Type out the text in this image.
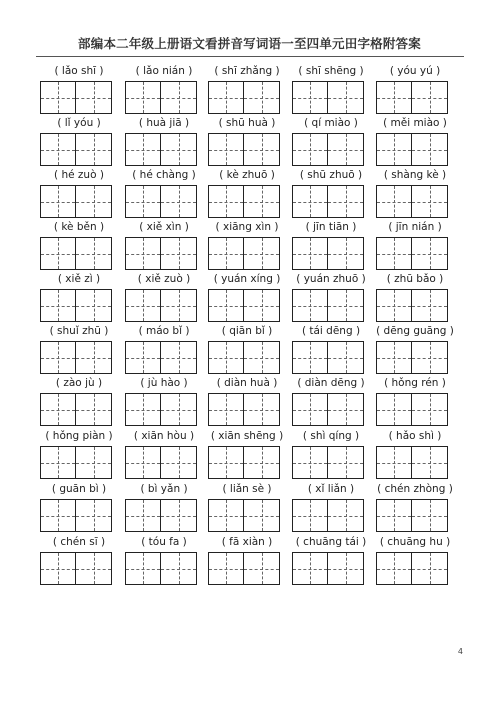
部编本二年级上册语文看拼音写词语一至四单元田字格附答案
( lǎo shī )	( lǎo nián )	( shī zhǎng )	( shī shēng )	( yóu yú )
( lǐ yóu )	( huà jiā )	( shū huà )	( qí miào )	( měi miào )
( hé zuò )	( hé chàng )	( kè zhuō )	( shū zhuō )	( shàng kè )
( kè běn )	( xiě xìn )	( xiāng xìn )	( jīn tiān )	( jīn nián )
( xiě zì )	( xiě zuò )	( yuán xíng )	( yuán zhuō )	( zhū bǎo )
( shuǐ zhū )	( máo bǐ )	( qiān bǐ )	( tái dēng )	( dēng guāng )
( zào jù )	( jù hào )	( diàn huà )	( diàn dēng )	( hǒng rén )
( hǒng piàn )	( xiān hòu )	( xiān shēng )	( shì qíng )	( hǎo shì )
( guān bì )	( bì yǎn )	( liǎn sè )	( xǐ liǎn )	( chén zhòng )
( chén sī )	( tóu fa )	( fā xiàn )	( chuāng tái )	( chuāng hu )
4
